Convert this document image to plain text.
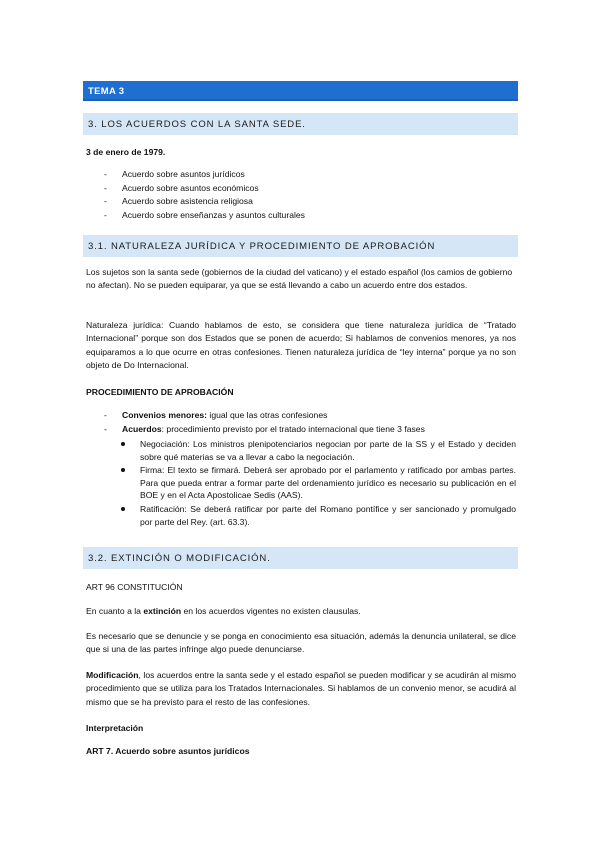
TEMA 3
3. LOS ACUERDOS CON LA SANTA SEDE.
3 de enero de 1979.
- Acuerdo sobre asuntos jurídicos
- Acuerdo sobre asuntos económicos
- Acuerdo sobre asistencia religiosa
- Acuerdo sobre enseñanzas y asuntos culturales
3.1. NATURALEZA JURÍDICA Y PROCEDIMIENTO DE APROBACIÓN
Los sujetos son la santa sede (gobiernos de la ciudad del vaticano) y el estado español (los camios de gobierno no afectan). No se pueden equiparar, ya que se está llevando a cabo un acuerdo entre dos estados.
Naturaleza jurídica: Cuando hablamos de esto, se considera que tiene naturaleza jurídica de “Tratado Internacional” porque son dos Estados que se ponen de acuerdo; Si hablamos de convenios menores, ya nos equiparamos a lo que ocurre en otras confesiones. Tienen naturaleza jurídica de “ley interna” porque ya no son objeto de Do Internacional.
PROCEDIMIENTO DE APROBACIÓN
- Convenios menores: igual que las otras confesiones
- Acuerdos: procedimiento previsto por el tratado internacional que tiene 3 fases
Negociación: Los ministros plenipotenciarios negocian por parte de la SS y el Estado y deciden sobre qué materias se va a llevar a cabo la negociación.
Firma: El texto se firmará. Deberá ser aprobado por el parlamento y ratificado por ambas partes. Para que pueda entrar a formar parte del ordenamiento jurídico es necesario su publicación en el BOE y en el Acta Apostolicae Sedis (AAS).
Ratificación: Se deberá ratificar por parte del Romano pontífice y ser sancionado y promulgado por parte del Rey. (art. 63.3).
3.2. EXTINCIÓN O MODIFICACIÓN.
ART 96 CONSTITUCIÓN
En cuanto a la extinción en los acuerdos vigentes no existen clausulas.
Es necesario que se denuncie y se ponga en conocimiento esa situación, además la denuncia unilateral, se dice que si una de las partes infringe algo puede denunciarse.
Modificación, los acuerdos entre la santa sede y el estado español se pueden modificar y se acudirán al mismo procedimiento que se utiliza para los Tratados Internacionales. Si hablamos de un convenio menor, se acudirá al mismo que se ha previsto para el resto de las confesiones.
Interpretación
ART 7. Acuerdo sobre asuntos jurídicos
